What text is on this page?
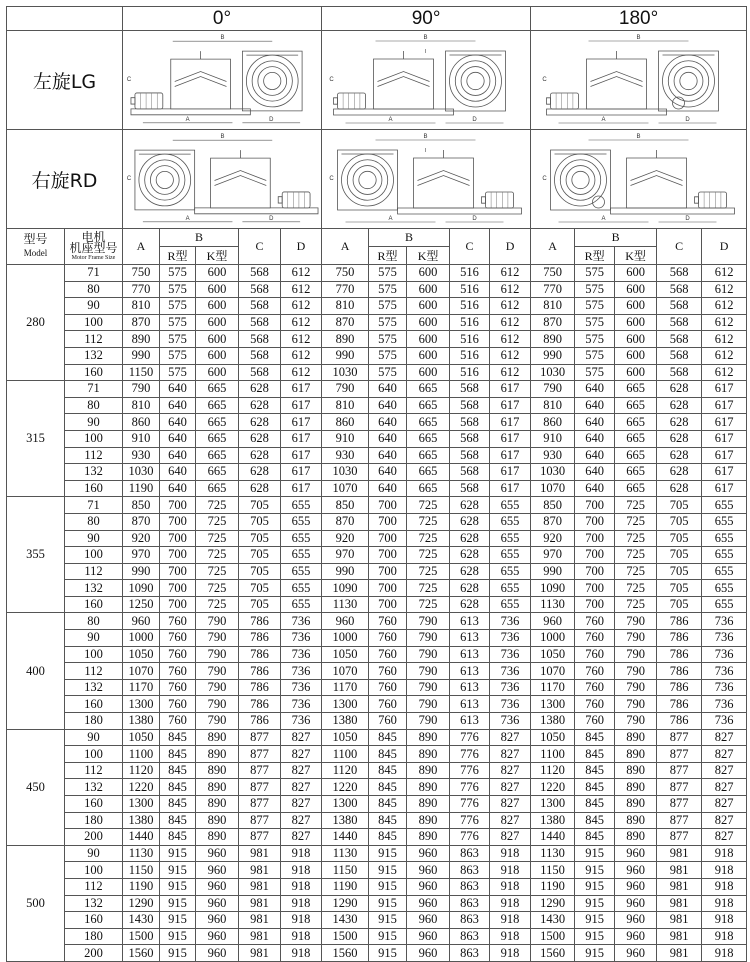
		0°					90°					180°				
左旋LG		A D
B
C					A D
B
C					A D
B
C				

右旋RD		A D
B
C					A D
B
C					A D
B
C				

型号
Model	电机
机座型号
Motor Frame Size	A	B		C	D	A	B		C	D	A	B		C	D
			R型	K型				R型	K型				R型	K型		
280	71	750	575	600	568	612	750	575	600	516	612	750	575	600	568	612
	80	770	575	600	568	612	770	575	600	516	612	770	575	600	568	612
	90	810	575	600	568	612	810	575	600	516	612	810	575	600	568	612
	100	870	575	600	568	612	870	575	600	516	612	870	575	600	568	612
	112	890	575	600	568	612	890	575	600	516	612	890	575	600	568	612
	132	990	575	600	568	612	990	575	600	516	612	990	575	600	568	612
	160	1150	575	600	568	612	1030	575	600	516	612	1030	575	600	568	612
315	71	790	640	665	628	617	790	640	665	568	617	790	640	665	628	617
	80	810	640	665	628	617	810	640	665	568	617	810	640	665	628	617
	90	860	640	665	628	617	860	640	665	568	617	860	640	665	628	617
	100	910	640	665	628	617	910	640	665	568	617	910	640	665	628	617
	112	930	640	665	628	617	930	640	665	568	617	930	640	665	628	617
	132	1030	640	665	628	617	1030	640	665	568	617	1030	640	665	628	617
	160	1190	640	665	628	617	1070	640	665	568	617	1070	640	665	628	617
355	71	850	700	725	705	655	850	700	725	628	655	850	700	725	705	655
	80	870	700	725	705	655	870	700	725	628	655	870	700	725	705	655
	90	920	700	725	705	655	920	700	725	628	655	920	700	725	705	655
	100	970	700	725	705	655	970	700	725	628	655	970	700	725	705	655
	112	990	700	725	705	655	990	700	725	628	655	990	700	725	705	655
	132	1090	700	725	705	655	1090	700	725	628	655	1090	700	725	705	655
	160	1250	700	725	705	655	1130	700	725	628	655	1130	700	725	705	655
400	80	960	760	790	786	736	960	760	790	613	736	960	760	790	786	736
	90	1000	760	790	786	736	1000	760	790	613	736	1000	760	790	786	736
	100	1050	760	790	786	736	1050	760	790	613	736	1050	760	790	786	736
	112	1070	760	790	786	736	1070	760	790	613	736	1070	760	790	786	736
	132	1170	760	790	786	736	1170	760	790	613	736	1170	760	790	786	736
	160	1300	760	790	786	736	1300	760	790	613	736	1300	760	790	786	736
	180	1380	760	790	786	736	1380	760	790	613	736	1380	760	790	786	736
450	90	1050	845	890	877	827	1050	845	890	776	827	1050	845	890	877	827
	100	1100	845	890	877	827	1100	845	890	776	827	1100	845	890	877	827
	112	1120	845	890	877	827	1120	845	890	776	827	1120	845	890	877	827
	132	1220	845	890	877	827	1220	845	890	776	827	1220	845	890	877	827
	160	1300	845	890	877	827	1300	845	890	776	827	1300	845	890	877	827
	180	1380	845	890	877	827	1380	845	890	776	827	1380	845	890	877	827
	200	1440	845	890	877	827	1440	845	890	776	827	1440	845	890	877	827
500	90	1130	915	960	981	918	1130	915	960	863	918	1130	915	960	981	918
	100	1150	915	960	981	918	1150	915	960	863	918	1150	915	960	981	918
	112	1190	915	960	981	918	1190	915	960	863	918	1190	915	960	981	918
	132	1290	915	960	981	918	1290	915	960	863	918	1290	915	960	981	918
	160	1430	915	960	981	918	1430	915	960	863	918	1430	915	960	981	918
	180	1500	915	960	981	918	1500	915	960	863	918	1500	915	960	981	918
	200	1560	915	960	981	918	1560	915	960	863	918	1560	915	960	981	918
